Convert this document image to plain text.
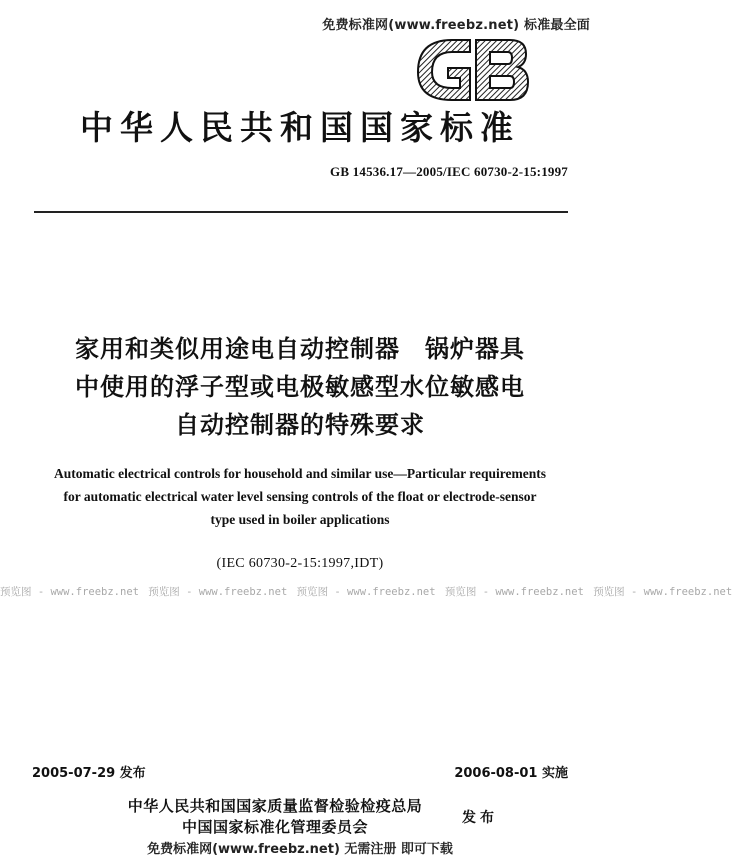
免费标准网(www.freebz.net) 标准最全面
中华人民共和国国家标准
GB 14536.17—2005/IEC 60730-2-15:1997
家用和类似用途电自动控制器　锅炉器具
中使用的浮子型或电极敏感型水位敏感电
自动控制器的特殊要求
Automatic electrical controls for household and similar use—Particular requirements
for automatic electrical water level sensing controls of the float or electrode-sensor
type used in boiler applications
(IEC 60730-2-15:1997,IDT)
预览图 - www.freebz.net 预览图 - www.freebz.net 预览图 - www.freebz.net 预览图 - www.freebz.net 预览图 - www.freebz.net
2005-07-29 发布	2006-08-01 实施
中华人民共和国国家质量监督检验检疫总局
中国国家标准化管理委员会	发布
免费标准网(www.freebz.net) 无需注册 即可下载
